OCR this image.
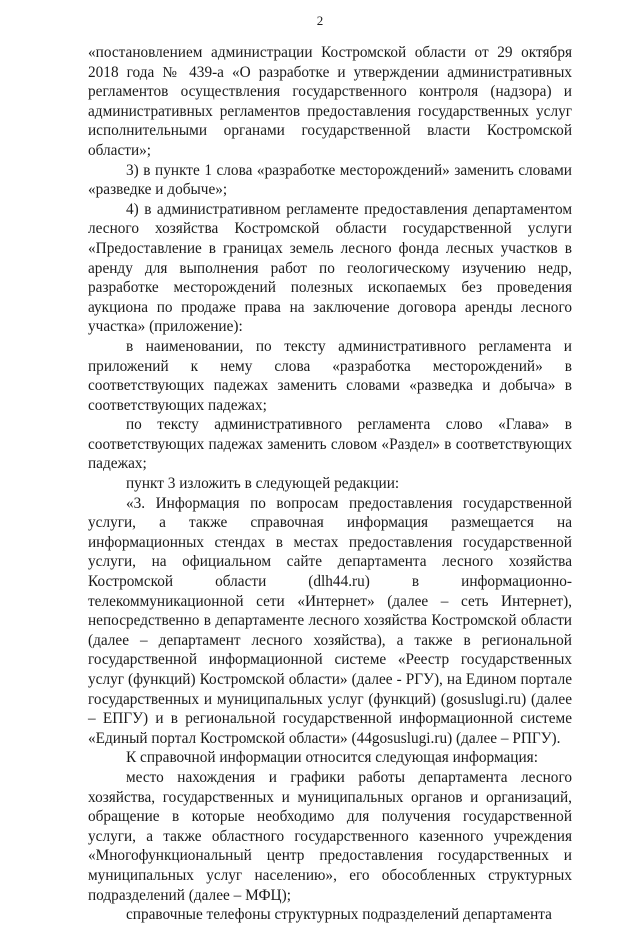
2

«постановлением администрации Костромской области от 29 октября 2018 года № 439-а «О разработке и утверждении административных регламентов осуществления государственного контроля (надзора) и административных регламентов предоставления государственных услуг исполнительными органами государственной власти Костромской области»;

3) в пункте 1 слова «разработке месторождений» заменить словами «разведке и добыче»;

4) в административном регламенте предоставления департаментом лесного хозяйства Костромской области государственной услуги «Предоставление в границах земель лесного фонда лесных участков в аренду для выполнения работ по геологическому изучению недр, разработке месторождений полезных ископаемых без проведения аукциона по продаже права на заключение договора аренды лесного участка» (приложение):

в наименовании, по тексту административного регламента и приложений к нему слова «разработка месторождений» в соответствующих падежах заменить словами «разведка и добыча» в соответствующих падежах;

по тексту административного регламента слово «Глава» в соответствующих падежах заменить словом «Раздел» в соответствующих падежах;

пункт 3 изложить в следующей редакции:

«3. Информация по вопросам предоставления государственной услуги, а также справочная информация размещается на информационных стендах в местах предоставления государственной услуги, на официальном сайте департамента лесного хозяйства Костромской области (dlh44.ru) в информационно-телекоммуникационной сети «Интернет» (далее – сеть Интернет), непосредственно в департаменте лесного хозяйства Костромской области (далее – департамент лесного хозяйства), а также в региональной государственной информационной системе «Реестр государственных услуг (функций) Костромской области» (далее - РГУ), на Едином портале государственных и муниципальных услуг (функций) (gosuslugi.ru) (далее – ЕПГУ) и в региональной государственной информационной системе «Единый портал Костромской области» (44gosuslugi.ru) (далее – РПГУ).

К справочной информации относится следующая информация:

место нахождения и графики работы департамента лесного хозяйства, государственных и муниципальных органов и организаций, обращение в которые необходимо для получения государственной услуги, а также областного государственного казенного учреждения «Многофункциональный центр предоставления государственных и муниципальных услуг населению», его обособленных структурных подразделений (далее – МФЦ);

справочные телефоны структурных подразделений департамента
